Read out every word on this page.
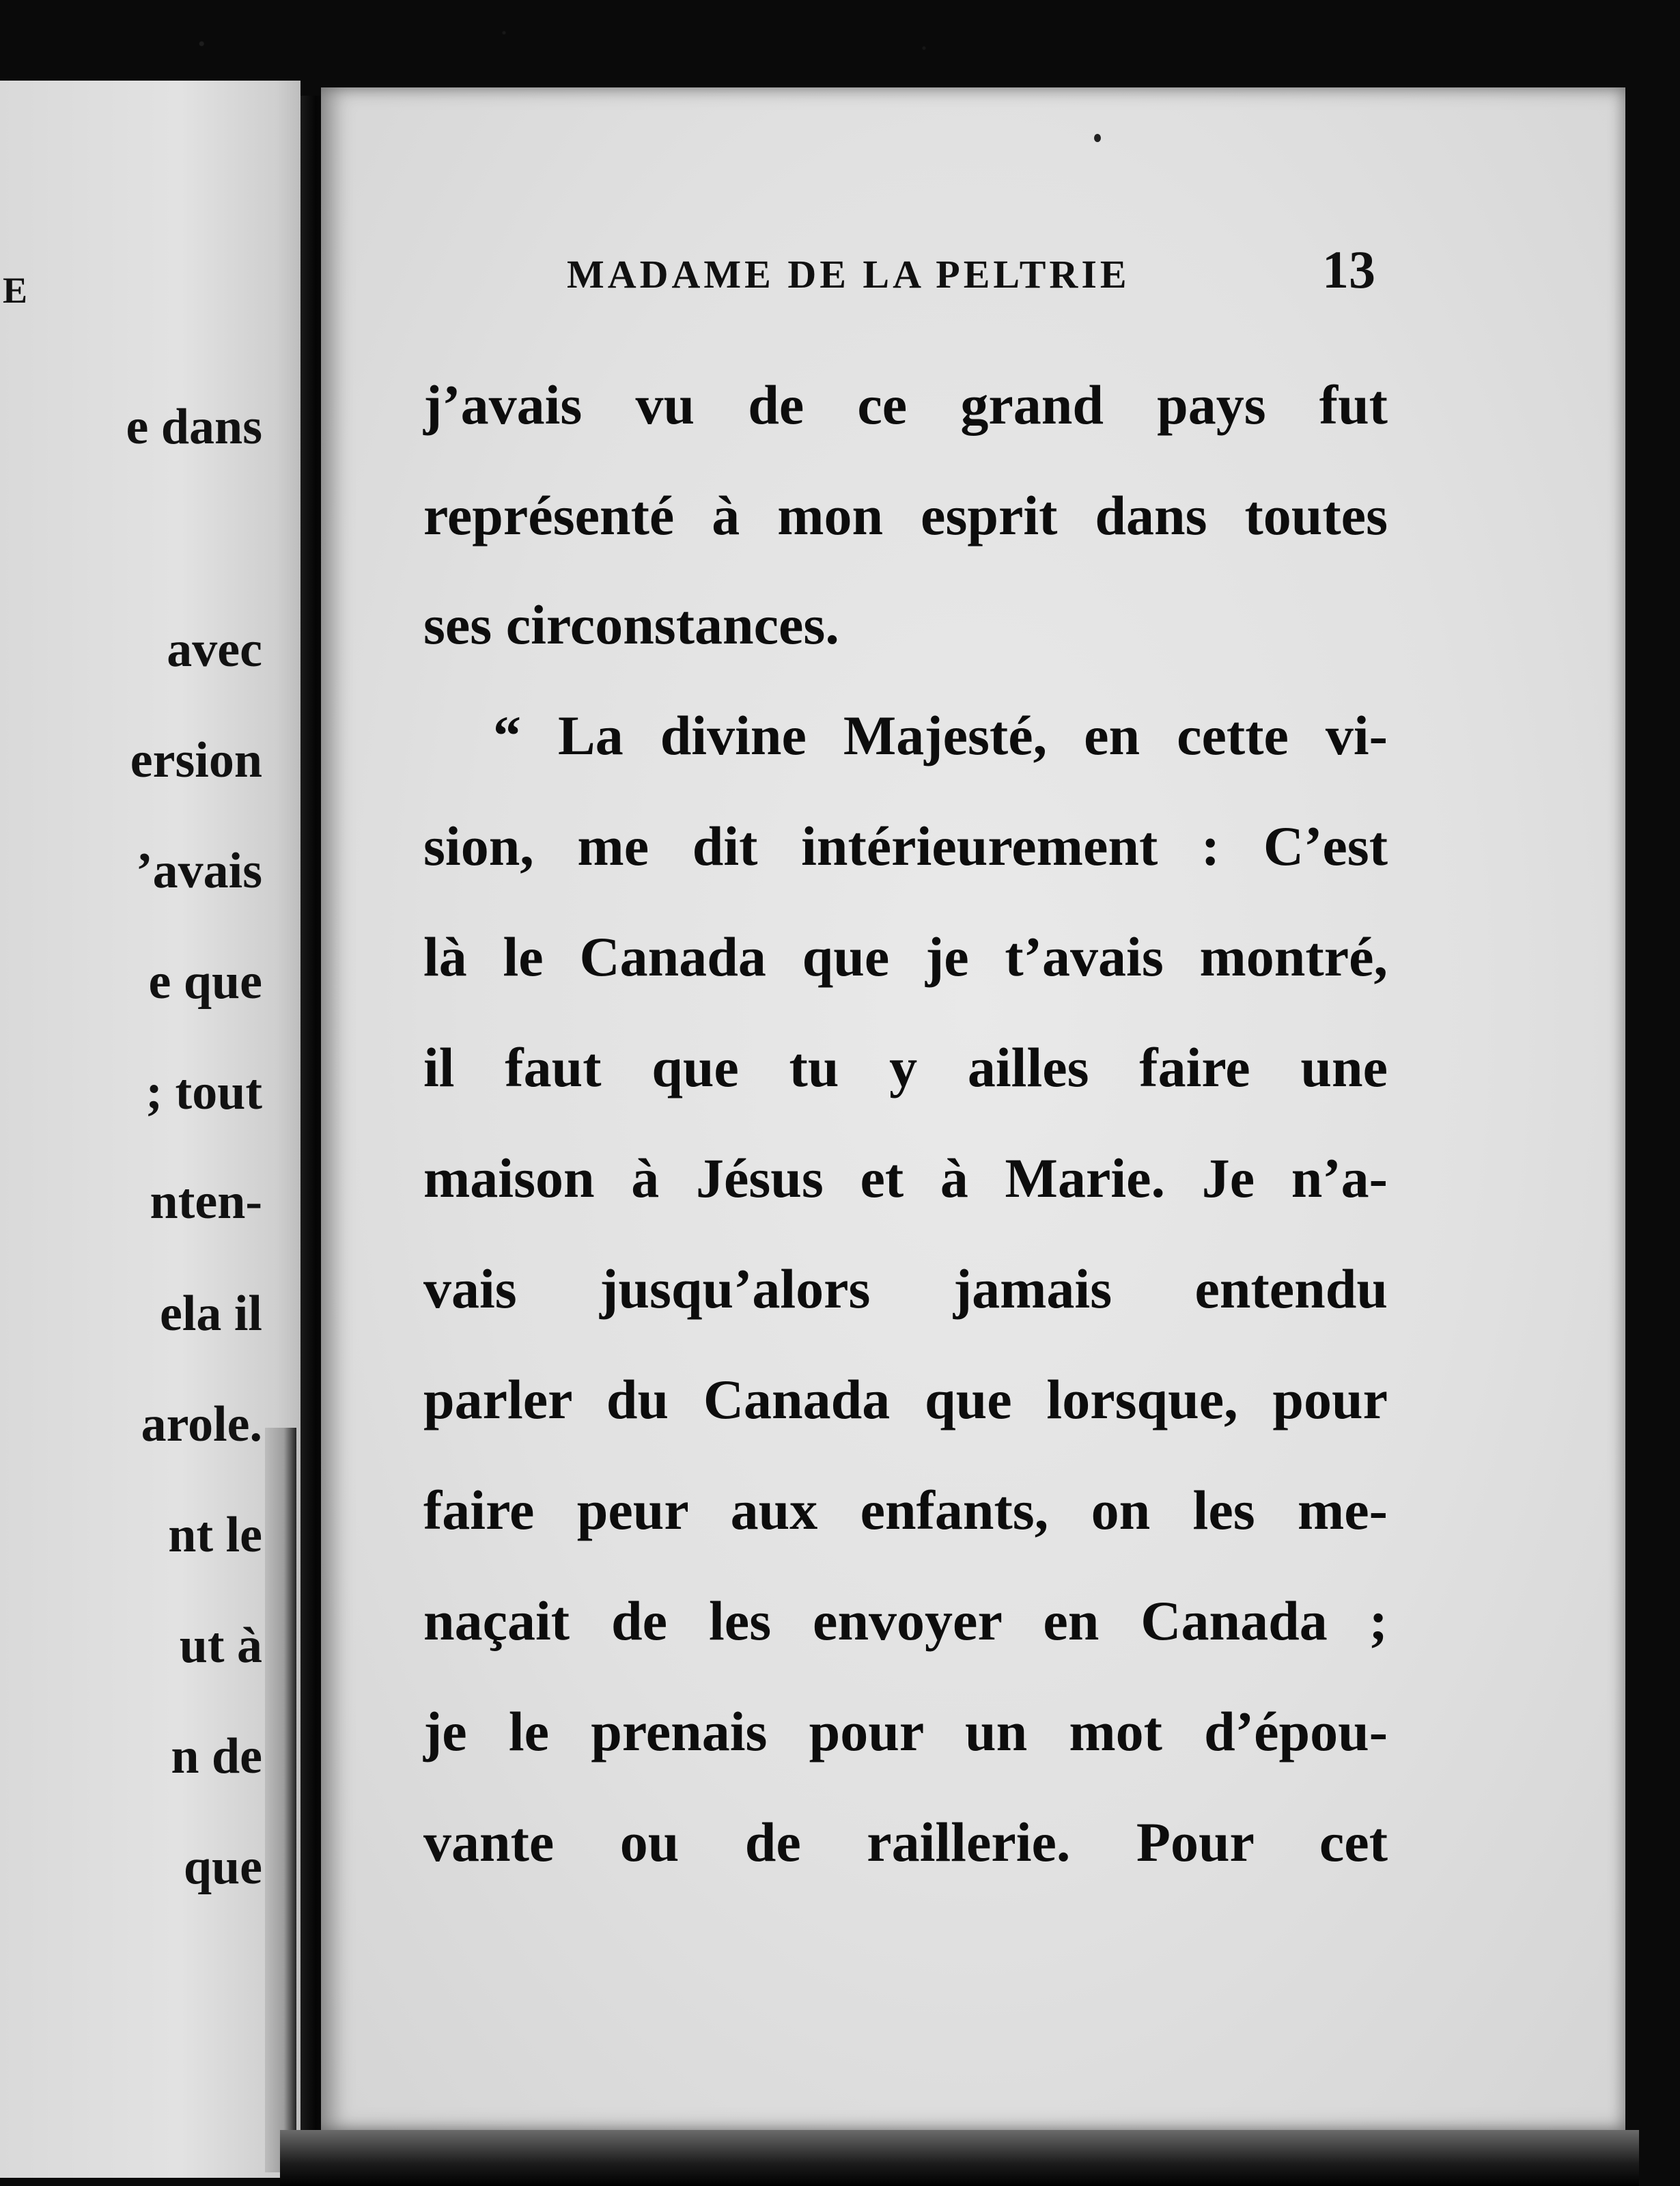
E
e dans
avec
ersion
’avais
e que
; tout
nten-
ela il
arole.
nt le
ut à
n de
que
MADAME DE LA PELTRIE	13
j’avais vu de ce grand pays fut
représenté à mon esprit dans toutes
ses circonstances.
“ La divine Majesté, en cette vi-
sion, me dit intérieurement : C’est
là le Canada que je t’avais montré,
il faut que tu y ailles faire une
maison à Jésus et à Marie. Je n’a-
vais jusqu’alors jamais entendu
parler du Canada que lorsque, pour
faire peur aux enfants, on les me-
naçait de les envoyer en Canada ;
je le prenais pour un mot d’épou-
vante ou de raillerie. Pour cet
